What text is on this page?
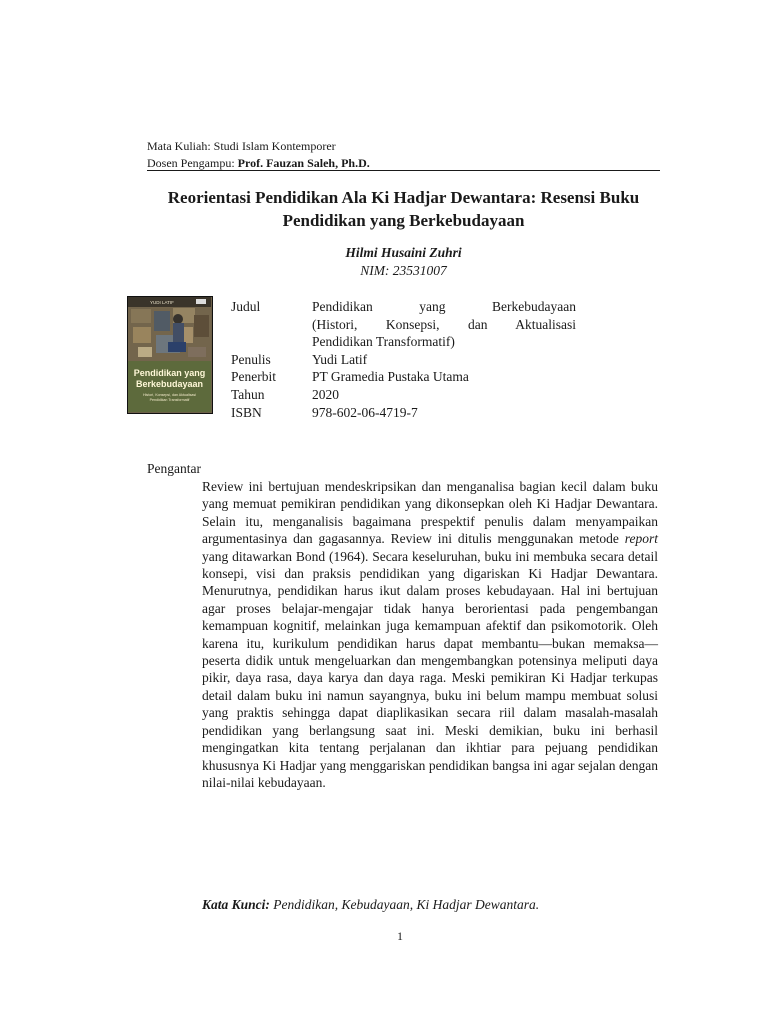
Mata Kuliah: Studi Islam Kontemporer
Dosen Pengampu: Prof. Fauzan Saleh, Ph.D.
Reorientasi Pendidikan Ala Ki Hadjar Dewantara: Resensi Buku Pendidikan yang Berkebudayaan
Hilmi Husaini Zuhri
NIM: 23531007
YUDI LATIF
Pendidikan yang
Berkebudayaan
Histori, Konsepsi, dan Aktualisasi
Pendidikan Transformatif
Judul	Pendidikan yang Berkebudayaan
(Histori, Konsepsi, dan Aktualisasi
Pendidikan Transformatif)
Penulis	Yudi Latif
Penerbit	PT Gramedia Pustaka Utama
Tahun	2020
ISBN	978-602-06-4719-7
Pengantar
Review ini bertujuan mendeskripsikan dan menganalisa bagian kecil dalam buku yang memuat pemikiran pendidikan yang dikonsepkan oleh Ki Hadjar Dewantara. Selain itu, menganalisis bagaimana prespektif penulis dalam menyampaikan argumentasinya dan gagasannya. Review ini ditulis menggunakan metode report yang ditawarkan Bond (1964). Secara keseluruhan, buku ini membuka secara detail konsepi, visi dan praksis pendidikan yang digariskan Ki Hadjar Dewantara. Menurutnya, pendidikan harus ikut dalam proses kebudayaan. Hal ini bertujuan agar proses belajar-mengajar tidak hanya berorientasi pada pengembangan kemampuan kognitif, melainkan juga kemampuan afektif dan psikomotorik. Oleh karena itu, kurikulum pendidikan harus dapat membantu—bukan memaksa—peserta didik untuk mengeluarkan dan mengembangkan potensinya meliputi daya pikir, daya rasa, daya karya dan daya raga. Meski pemikiran Ki Hadjar terkupas detail dalam buku ini namun sayangnya, buku ini belum mampu membuat solusi yang praktis sehingga dapat diaplikasikan secara riil dalam masalah-masalah pendidikan yang berlangsung saat ini. Meski demikian, buku ini berhasil mengingatkan kita tentang perjalanan dan ikhtiar para pejuang pendidikan khususnya Ki Hadjar yang menggariskan pendidikan bangsa ini agar sejalan dengan nilai-nilai kebudayaan.
Kata Kunci: Pendidikan, Kebudayaan, Ki Hadjar Dewantara.
1
